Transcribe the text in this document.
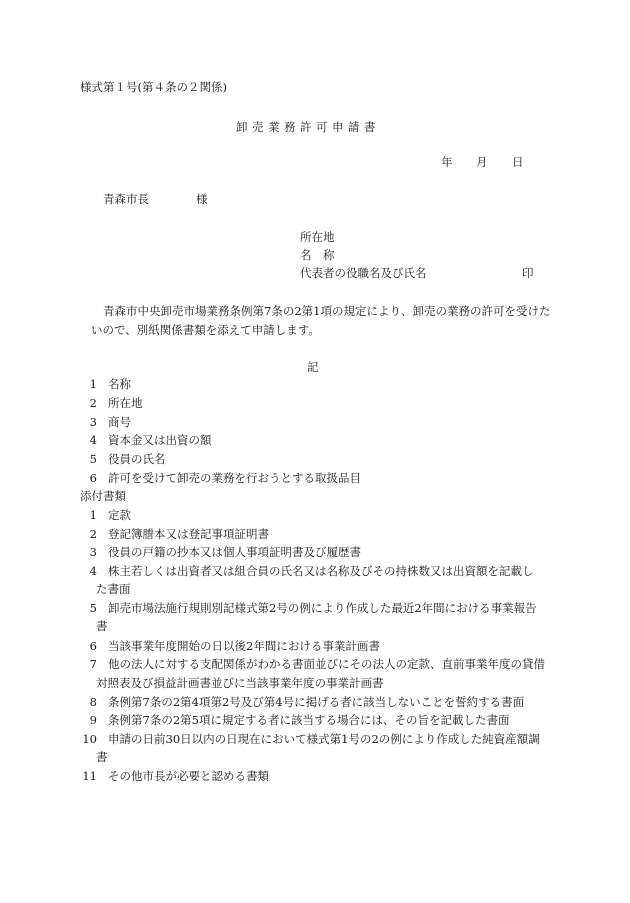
様式第１号(第４条の２関係)
卸売業務許可申請書
年 月 日
青森市長	様
所在地
名　称
代表者の役職名及び氏名	印
青森市中央卸売市場業務条例第7条の2第1項の規定により、卸売の業務の許可を受けた
いので、別紙関係書類を添えて申請します。
記
1 名称
2 所在地
3 商号
4 資本金又は出資の額
5 役員の氏名
6 許可を受けて卸売の業務を行おうとする取扱品目
添付書類
1 定款
2 登記簿謄本又は登記事項証明書
3 役員の戸籍の抄本又は個人事項証明書及び履歴書
4 株主若しくは出資者又は組合員の氏名又は名称及びその持株数又は出資額を記載し
た書面
5 卸売市場法施行規則別記様式第2号の例により作成した最近2年間における事業報告
書
6 当該事業年度開始の日以後2年間における事業計画書
7 他の法人に対する支配関係がわかる書面並びにその法人の定款、直前事業年度の貸借
対照表及び損益計画書並びに当該事業年度の事業計画書
8 条例第7条の2第4項第2号及び第4号に掲げる者に該当しないことを誓約する書面
9 条例第7条の2第5項に規定する者に該当する場合には、その旨を記載した書面
10 申請の日前30日以内の日現在において様式第1号の2の例により作成した純資産額調
書
11 その他市長が必要と認める書類
